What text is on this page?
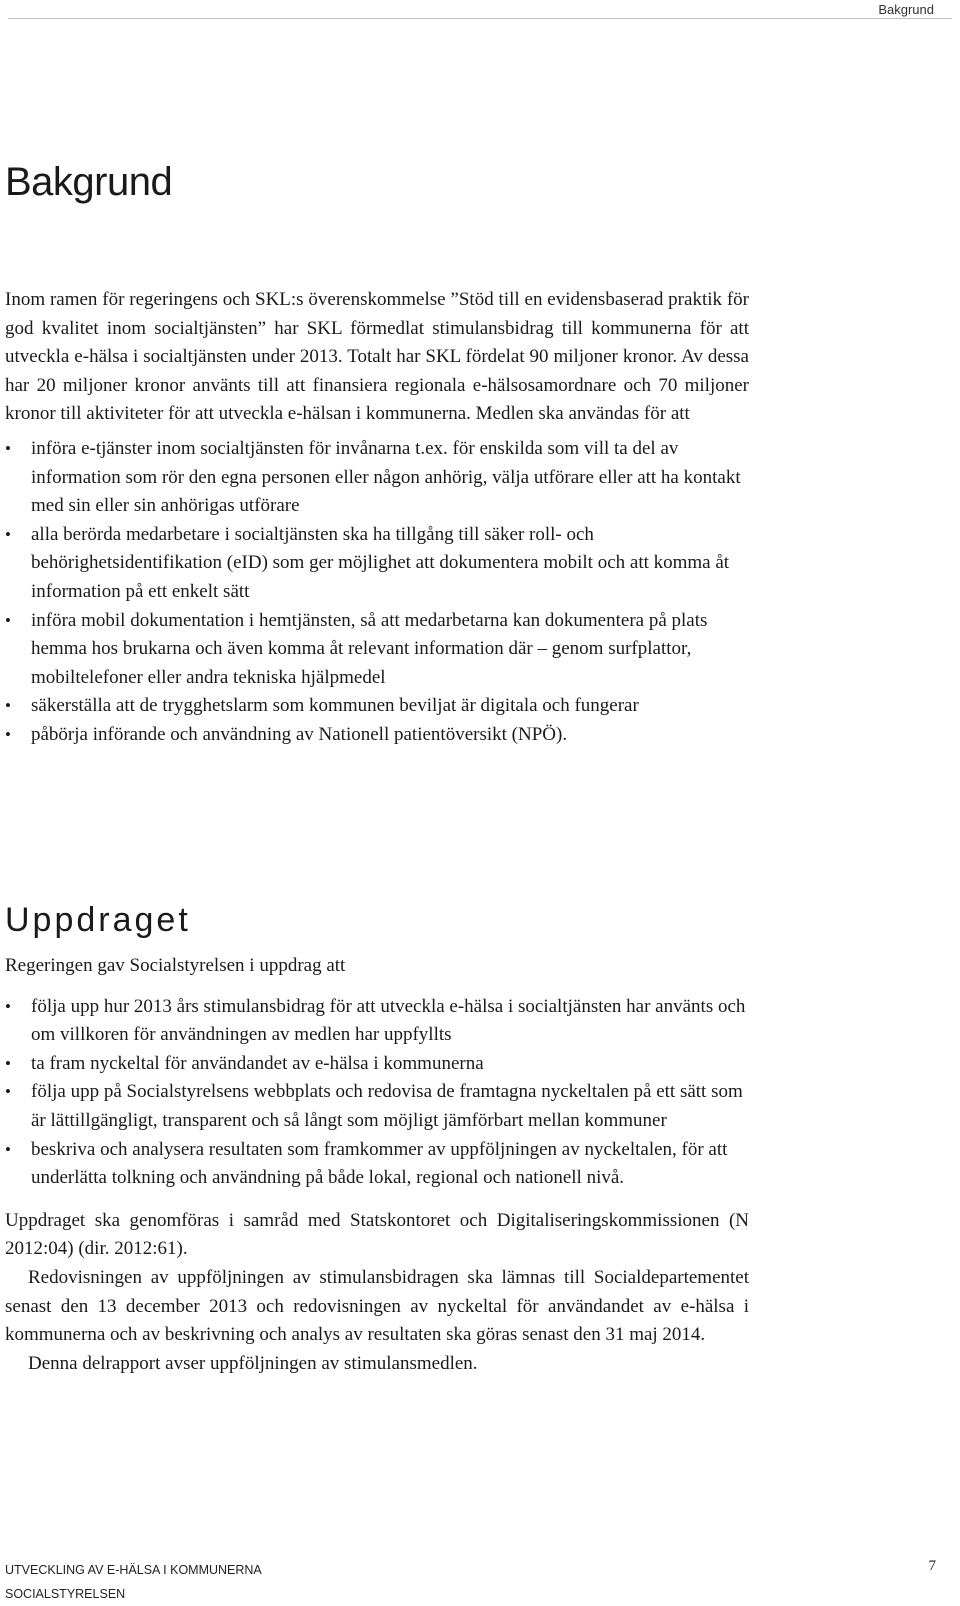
Bakgrund
Bakgrund

Inom ramen för regeringens och SKL:s överenskommelse ”Stöd till en evidensbaserad praktik för god kvalitet inom socialtjänsten” har SKL förmedlat stimulansbidrag till kommunerna för att utveckla e-hälsa i socialtjänsten under 2013. Totalt har SKL fördelat 90 miljoner kronor. Av dessa har 20 miljoner kronor använts till att finansiera regionala e-hälsosamordnare och 70 miljoner kronor till aktiviteter för att utveckla e-hälsan i kommunerna. Medlen ska användas för att

• införa e-tjänster inom socialtjänsten för invånarna t.ex. för enskilda som vill ta del av information som rör den egna personen eller någon anhörig, välja utförare eller att ha kontakt med sin eller sin anhörigas utförare
• alla berörda medarbetare i socialtjänsten ska ha tillgång till säker roll- och behörighetsidentifikation (eID) som ger möjlighet att dokumentera mobilt och att komma åt information på ett enkelt sätt
• införa mobil dokumentation i hemtjänsten, så att medarbetarna kan dokumentera på plats hemma hos brukarna och även komma åt relevant information där – genom surfplattor, mobiltelefoner eller andra tekniska hjälpmedel
• säkerställa att de trygghetslarm som kommunen beviljat är digitala och fungerar
• påbörja införande och användning av Nationell patientöversikt (NPÖ).
Uppdraget

Regeringen gav Socialstyrelsen i uppdrag att

• följa upp hur 2013 års stimulansbidrag för att utveckla e-hälsa i socialtjänsten har använts och om villkoren för användningen av medlen har uppfyllts
• ta fram nyckeltal för användandet av e-hälsa i kommunerna
• följa upp på Socialstyrelsens webbplats och redovisa de framtagna nyckeltalen på ett sätt som är lättillgängligt, transparent och så långt som möjligt jämförbart mellan kommuner
• beskriva och analysera resultaten som framkommer av uppföljningen av nyckeltalen, för att underlätta tolkning och användning på både lokal, regional och nationell nivå.

Uppdraget ska genomföras i samråd med Statskontoret och Digitaliseringskommissionen (N 2012:04) (dir. 2012:61).

Redovisningen av uppföljningen av stimulansbidragen ska lämnas till Socialdepartementet senast den 13 december 2013 och redovisningen av nyckeltal för användandet av e-hälsa i kommunerna och av beskrivning och analys av resultaten ska göras senast den 31 maj 2014.

Denna delrapport avser uppföljningen av stimulansmedlen.

UTVECKLING AV E-HÄLSA I KOMMUNERNA
SOCIALSTYRELSEN
7
